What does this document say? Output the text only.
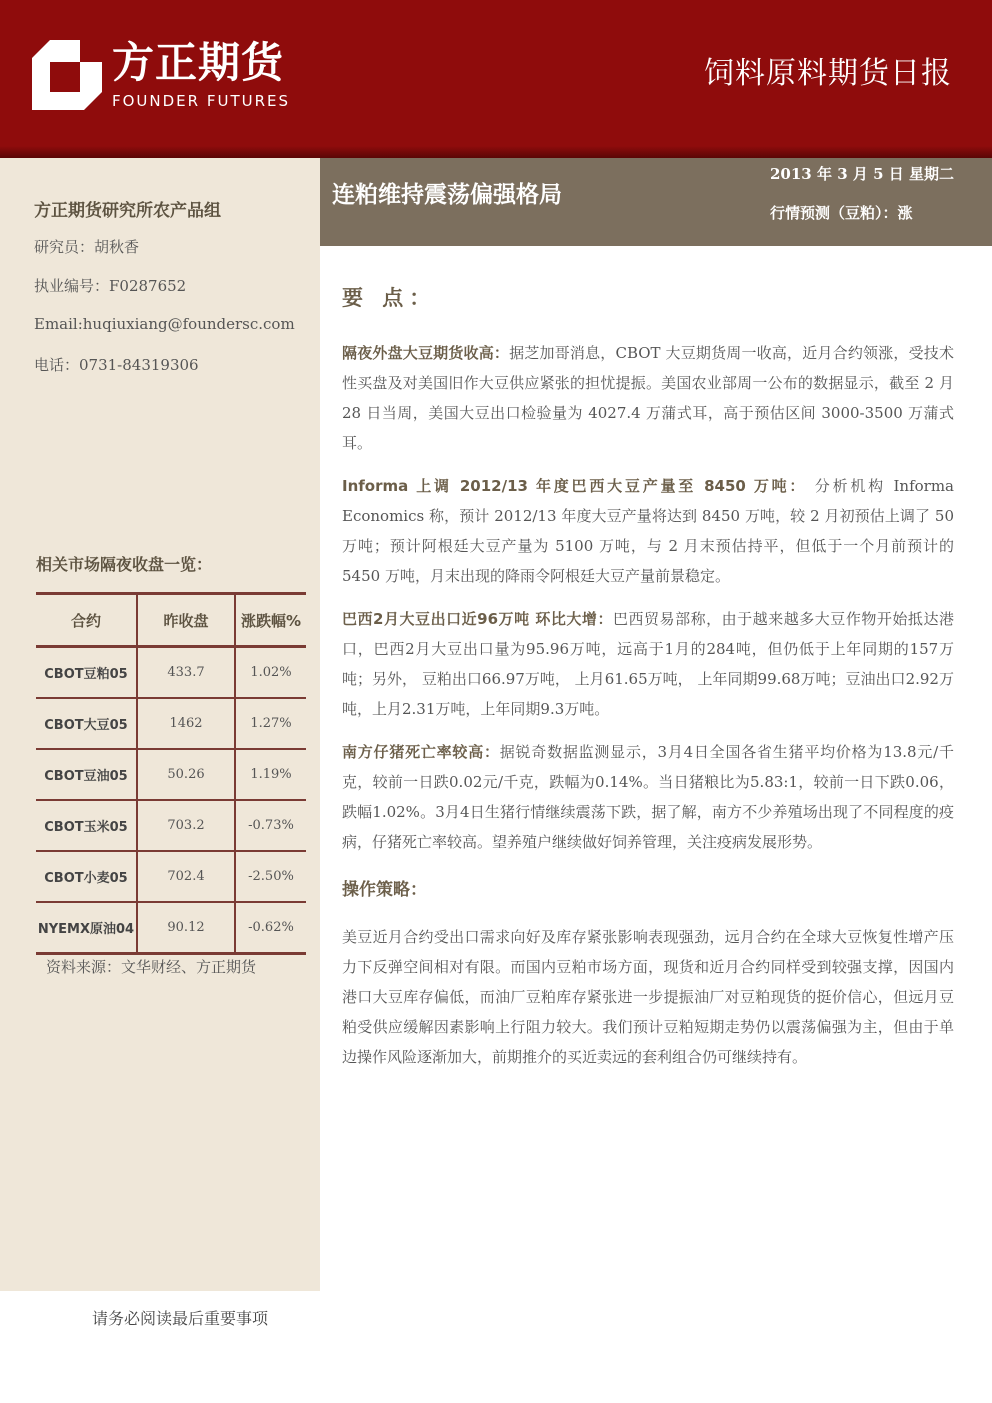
方正期货
FOUNDER FUTURES
饲料原料期货日报
方正期货研究所农产品组
研究员：胡秋香
执业编号：F0287652
Email:huqiuxiang@foundersc.com
电话：0731-84319306
相关市场隔夜收盘一览：
合约	昨收盘	涨跌幅%
CBOT豆粕05	433.7	1.02%
CBOT大豆05	1462	1.27%
CBOT豆油05	50.26	1.19%
CBOT玉米05	703.2	-0.73%
CBOT小麦05	702.4	-2.50%
NYEMX原油04	90.12	-0.62%
资料来源：文华财经、方正期货
请务必阅读最后重要事项
连粕维持震荡偏强格局
2013 年 3 月 5 日 星期二
行情预测（豆粕）：涨
要 点：

隔夜外盘大豆期货收高：据芝加哥消息，CBOT 大豆期货周一收高，近月合约领涨，受技术性买盘及对美国旧作大豆供应紧张的担忧提振。美国农业部周一公布的数据显示，截至 2 月 28 日当周，美国大豆出口检验量为 4027.4 万蒲式耳，高于预估区间 3000-3500 万蒲式耳。

Informa 上调 2012/13 年度巴西大豆产量至 8450 万吨： 分析机构 Informa Economics 称，预计 2012/13 年度大豆产量将达到 8450 万吨，较 2 月初预估上调了 50 万吨；预计阿根廷大豆产量为 5100 万吨，与 2 月末预估持平，但低于一个月前预计的 5450 万吨，月末出现的降雨令阿根廷大豆产量前景稳定。

巴西2月大豆出口近96万吨 环比大增：巴西贸易部称，由于越来越多大豆作物开始抵达港口，巴西2月大豆出口量为95.96万吨，远高于1月的284吨，但仍低于上年同期的157万吨；另外， 豆粕出口66.97万吨， 上月61.65万吨， 上年同期99.68万吨；豆油出口2.92万吨，上月2.31万吨，上年同期9.3万吨。

南方仔猪死亡率较高：据锐奇数据监测显示，3月4日全国各省生猪平均价格为13.8元/千克，较前一日跌0.02元/千克，跌幅为0.14%。当日猪粮比为5.83:1，较前一日下跌0.06，跌幅1.02%。3月4日生猪行情继续震荡下跌，据了解，南方不少养殖场出现了不同程度的疫病，仔猪死亡率较高。望养殖户继续做好饲养管理，关注疫病发展形势。

操作策略：

美豆近月合约受出口需求向好及库存紧张影响表现强劲，远月合约在全球大豆恢复性增产压力下反弹空间相对有限。而国内豆粕市场方面，现货和近月合约同样受到较强支撑，因国内港口大豆库存偏低，而油厂豆粕库存紧张进一步提振油厂对豆粕现货的挺价信心，但远月豆粕受供应缓解因素影响上行阻力较大。我们预计豆粕短期走势仍以震荡偏强为主，但由于单边操作风险逐渐加大，前期推介的买近卖远的套利组合仍可继续持有。
